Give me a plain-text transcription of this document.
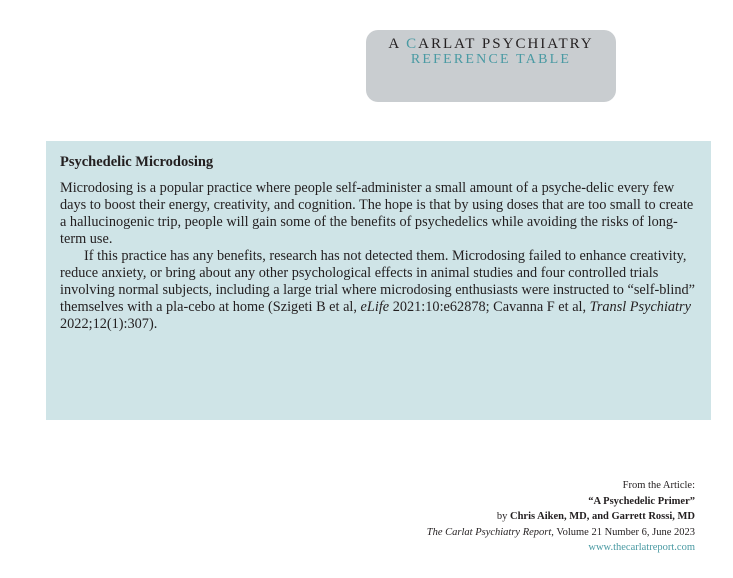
A CARLAT PSYCHIATRY
REFERENCE TABLE
Psychedelic Microdosing

Microdosing is a popular practice where people self-administer a small amount of a psyche-delic every few days to boost their energy, creativity, and cognition. The hope is that by using doses that are too small to create a hallucinogenic trip, people will gain some of the benefits of psychedelics while avoiding the risks of long-term use.

If this practice has any benefits, research has not detected them. Microdosing failed to enhance creativity, reduce anxiety, or bring about any other psychological effects in animal studies and four controlled trials involving normal subjects, including a large trial where microdosing enthusiasts were instructed to “self-blind” themselves with a pla-cebo at home (Szigeti B et al, eLife 2021:10:e62878; Cavanna F et al, Transl Psychiatry 2022;12(1):307).

From the Article:
“A Psychedelic Primer”
by Chris Aiken, MD, and Garrett Rossi, MD
The Carlat Psychiatry Report, Volume 21 Number 6, June 2023
www.thecarlatreport.com
